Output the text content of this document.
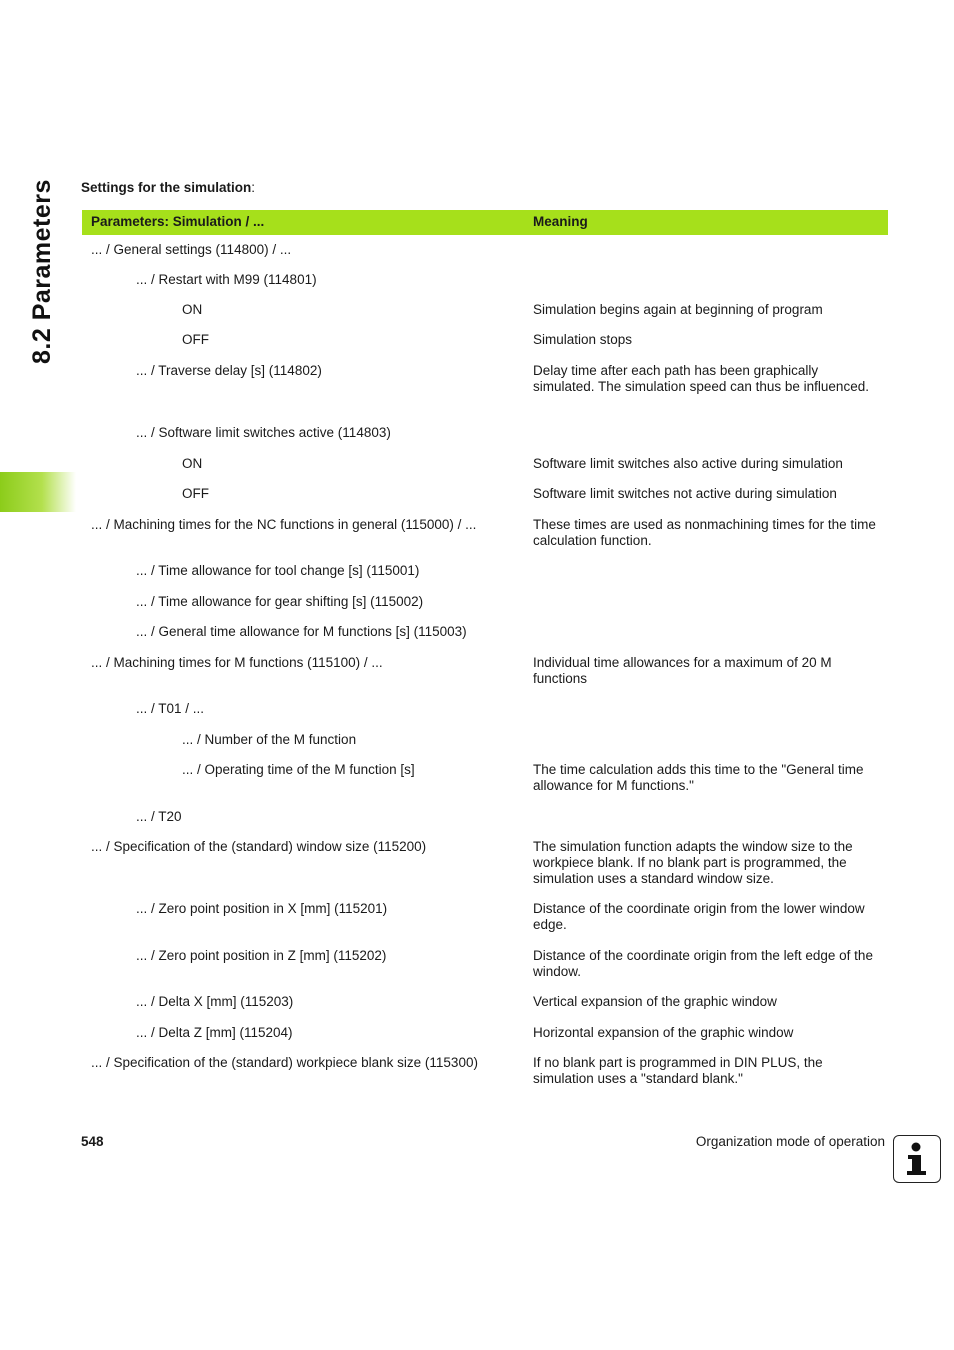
8.2 Parameters Settings for the simulation:
Parameters: Simulation / ...	Meaning
... / General settings (114800) / ...
... / Restart with M99 (114801)
ON	Simulation begins again at beginning of program
OFF	Simulation stops
... / Traverse delay [s] (114802)	Delay time after each path has been graphically simulated. The simulation speed can thus be influenced.
... / Software limit switches active (114803)
ON	Software limit switches also active during simulation
OFF	Software limit switches not active during simulation
... / Machining times for the NC functions in general (115000) / ...	These times are used as nonmachining times for the time calculation function.
... / Time allowance for tool change [s] (115001)
... / Time allowance for gear shifting [s] (115002)
... / General time allowance for M functions [s] (115003)
... / Machining times for M functions (115100) / ...	Individual time allowances for a maximum of 20 M functions
... / T01 / ...
... / Number of the M function
... / Operating time of the M function [s]	The time calculation adds this time to the "General time allowance for M functions."
... / T20
... / Specification of the (standard) window size (115200)	The simulation function adapts the window size to the workpiece blank. If no blank part is programmed, the simulation uses a standard window size.
... / Zero point position in X [mm] (115201)	Distance of the coordinate origin from the lower window edge.
... / Zero point position in Z [mm] (115202)	Distance of the coordinate origin from the left edge of the window.
... / Delta X [mm] (115203)	Vertical expansion of the graphic window
... / Delta Z [mm] (115204)	Horizontal expansion of the graphic window
... / Specification of the (standard) workpiece blank size (115300)	If no blank part is programmed in DIN PLUS, the simulation uses a "standard blank."
548	Organization mode of operation
